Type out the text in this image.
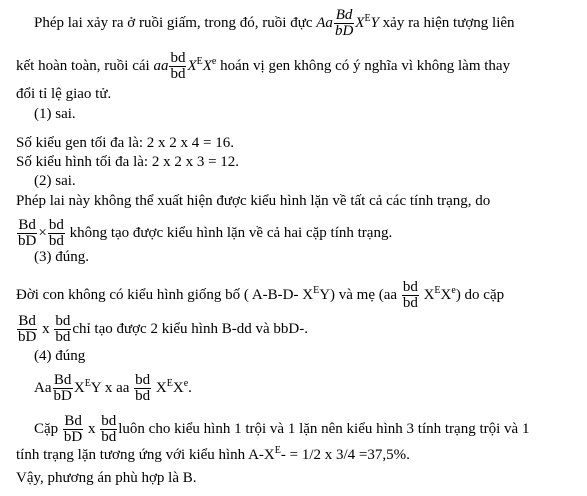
Phép lai xảy ra ở ruồi giấm, trong đó, ruồi đực Aa $\frac{Bd}{bD} X^EY$ xảy ra hiện tượng liên
kết hoàn toàn, ruồi cái aa $\frac{bd}{bd} X^EXe$ hoán vị gen không có ý nghĩa vì không làm thay
đổi tỉ lệ giao tử.
(1) sai.
Số kiểu gen tối đa là: 2 x 2 x 4 = 16.
Số kiểu hình tối đa là: 2 x 2 x 3 = 12.
(2) sai.
Phép lai này không thể xuất hiện được kiểu hình lặn về tất cả các tính trạng, do
$\frac{Bd}{bD} \times \frac{bd}{bd}$ không tạo được kiểu hình lặn về cả hai cặp tính trạng.
(3) đúng.
Đời con không có kiểu hình giống bố ( A-B-D- $X^EY$) và mẹ $(aa \frac{bd}{bd} X^EXe)$ do cặp
$\frac{Bd}{bD}$ x $\frac{bd}{bd}$ chỉ tạo được 2 kiểu hình B-dd và bbD-.
(4) đúng
Aa $\frac{Bd}{bD} X^EY$ x aa $\frac{bd}{bd} X^EXe$.
Cặp $\frac{Bd}{bD}$ x $\frac{bd}{bd}$ luôn cho kiểu hình 1 trội và 1 lặn nên kiểu hình 3 tính trạng trội và 1
tính trạng lặn tương ứng với kiểu hình $A-X^E- = 1/2$ x 3/4 =37,5%.
Vậy, phương án phù hợp là B.
